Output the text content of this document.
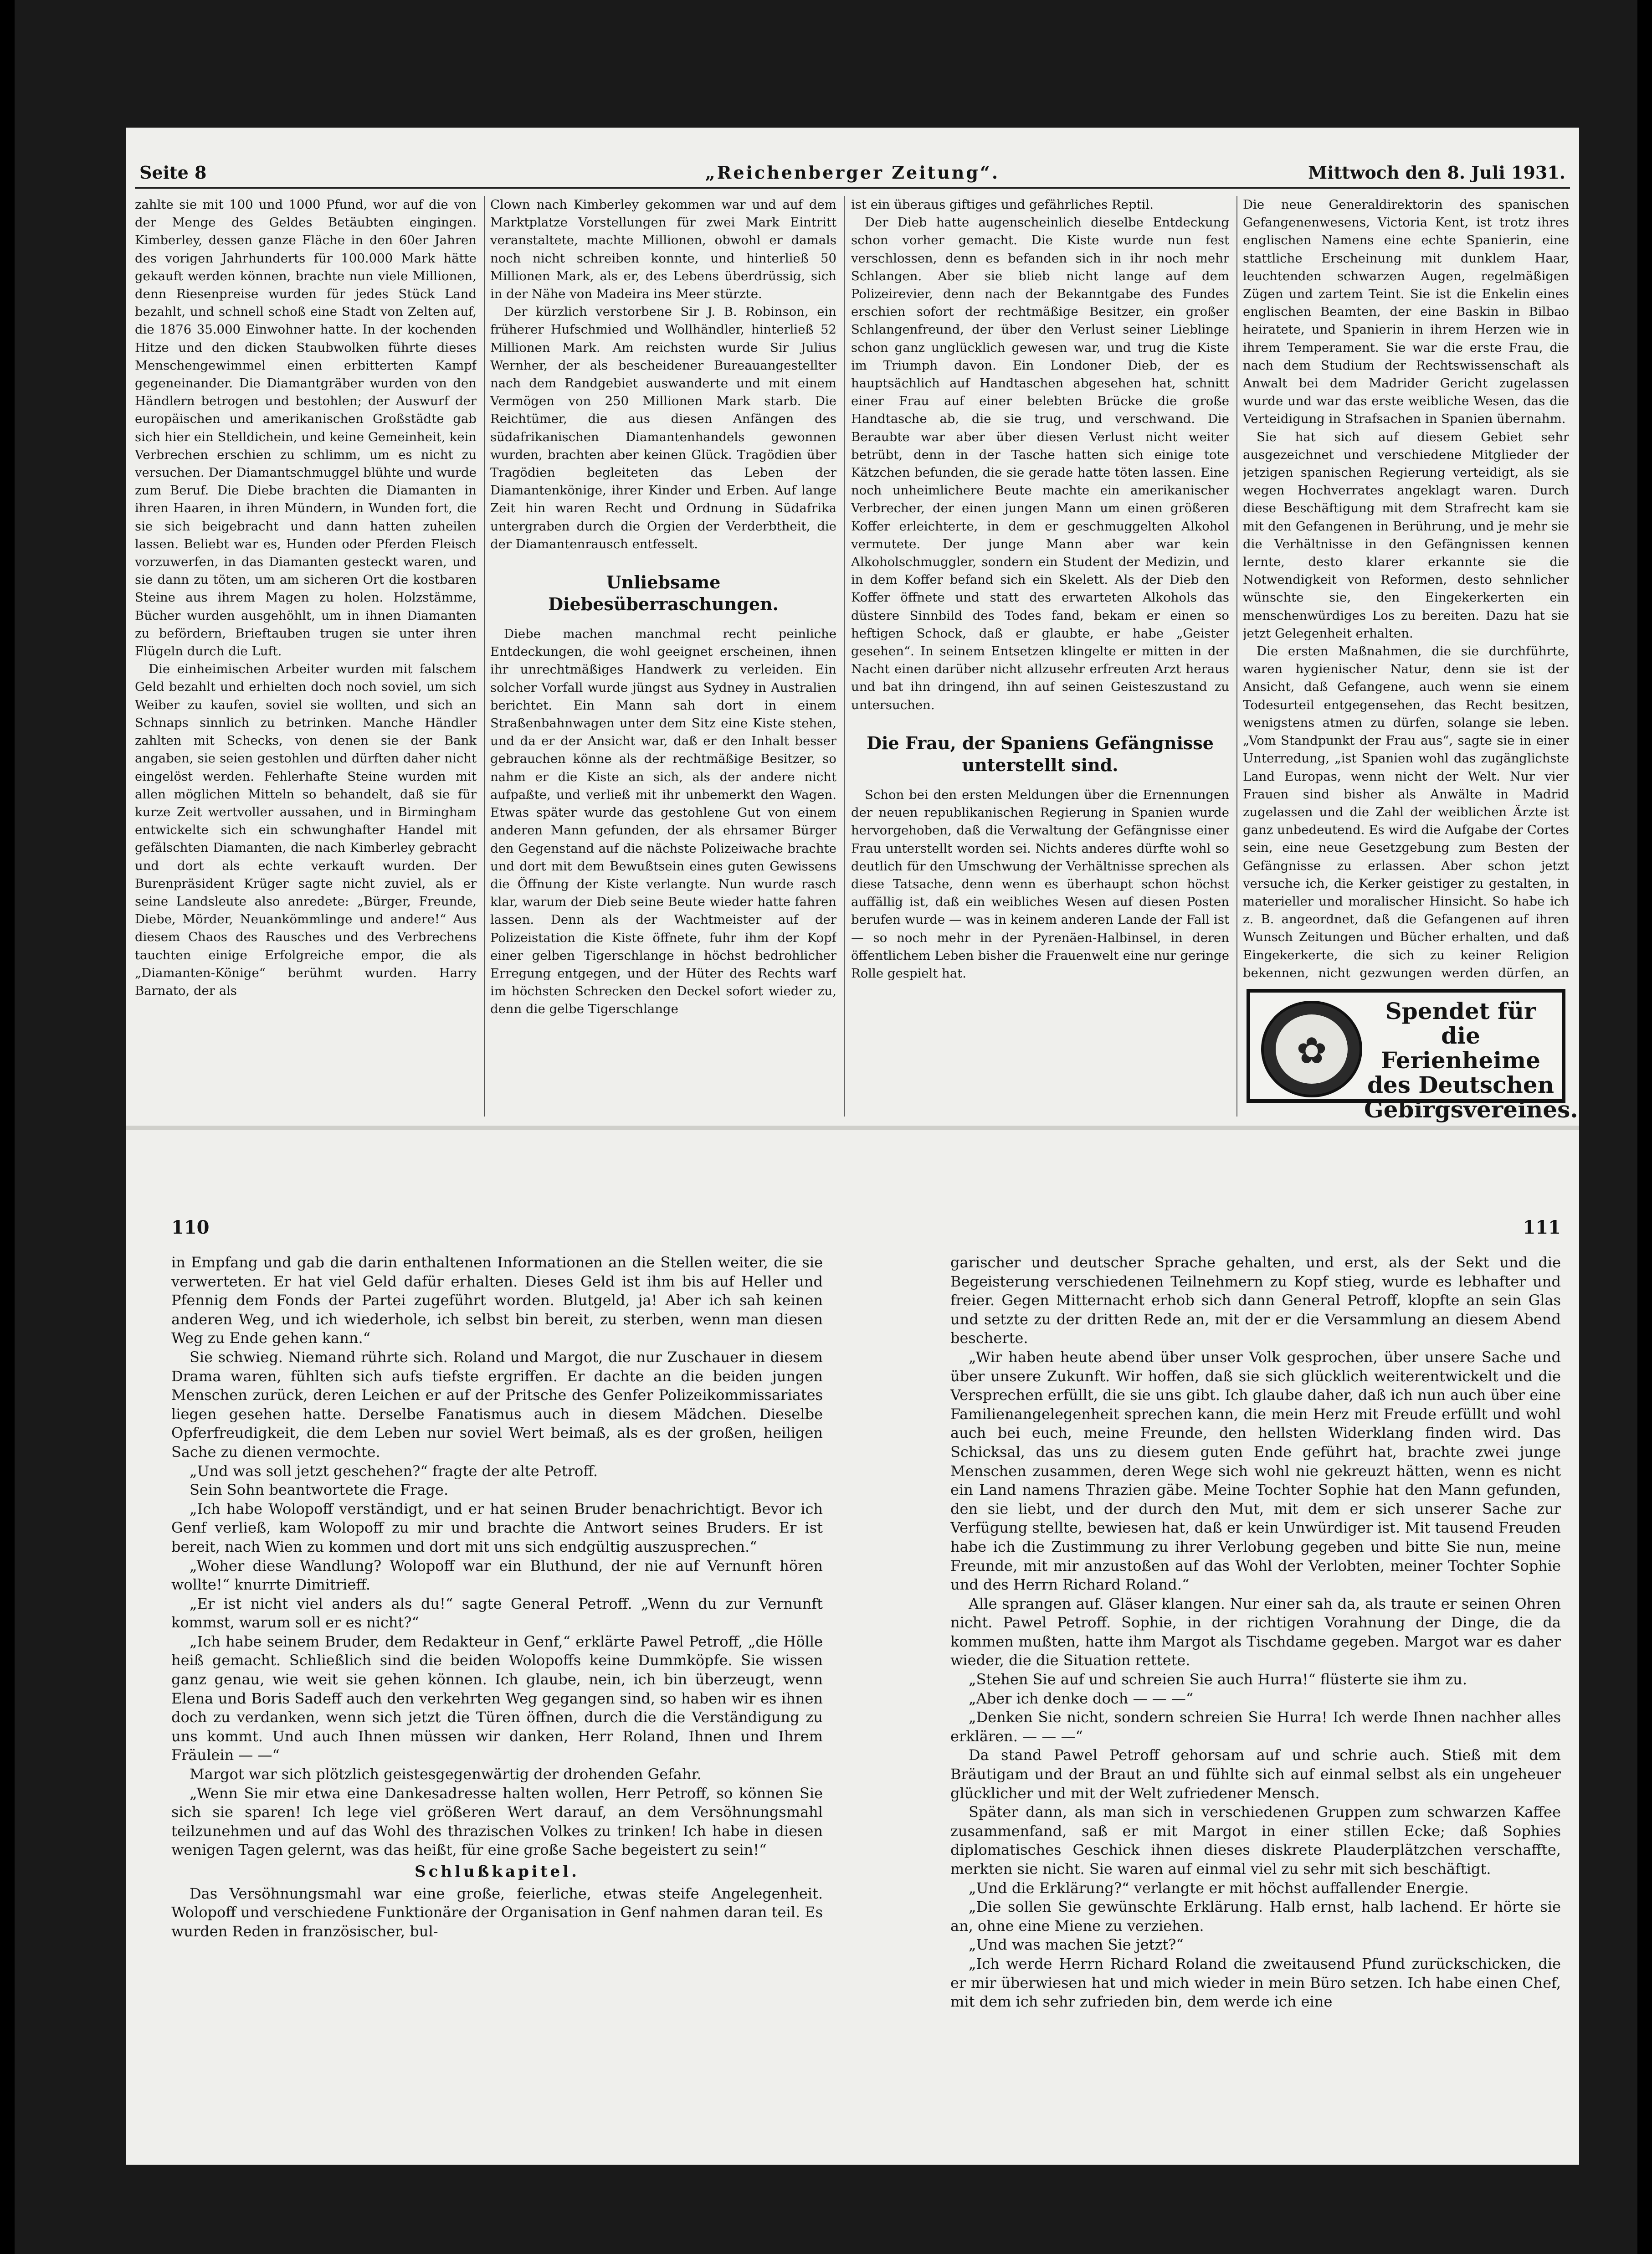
Seite 8	„Reichenberger Zeitung“.	Mittwoch den 8. Juli 1931.

zahlte sie mit 100 und 1000 Pfund, wor auf die von der Menge des Geldes Betäubten eingingen. Kimberley, dessen ganze Fläche in den 60er Jahren des vorigen Jahrhunderts für 100.000 Mark hätte gekauft werden können, brachte nun viele Millionen, denn Riesenpreise wurden für jedes Stück Land bezahlt, und schnell schoß eine Stadt von Zelten auf, die 1876 35.000 Einwohner hatte. In der kochenden Hitze und den dicken Staubwolken führte dieses Menschengewimmel einen erbitterten Kampf gegeneinander. Die Diamantgräber wurden von den Händlern betrogen und bestohlen; der Auswurf der europäischen und amerikanischen Großstädte gab sich hier ein Stelldichein, und keine Gemeinheit, kein Verbrechen erschien zu schlimm, um es nicht zu versuchen. Der Diamantschmuggel blühte und wurde zum Beruf. Die Diebe brachten die Diamanten in ihren Haaren, in ihren Mündern, in Wunden fort, die sie sich beigebracht und dann hatten zuheilen lassen. Beliebt war es, Hunden oder Pferden Fleisch vorzuwerfen, in das Diamanten gesteckt waren, und sie dann zu töten, um am sicheren Ort die kostbaren Steine aus ihrem Magen zu holen. Holzstämme, Bücher wurden ausgehöhlt, um in ihnen Diamanten zu befördern, Brieftauben trugen sie unter ihren Flügeln durch die Luft.

Die einheimischen Arbeiter wurden mit falschem Geld bezahlt und erhielten doch noch soviel, um sich Weiber zu kaufen, soviel sie wollten, und sich an Schnaps sinnlich zu betrinken. Manche Händler zahlten mit Schecks, von denen sie der Bank angaben, sie seien gestohlen und dürften daher nicht eingelöst werden. Fehlerhafte Steine wurden mit allen möglichen Mitteln so behandelt, daß sie für kurze Zeit wertvoller aussahen, und in Birmingham entwickelte sich ein schwunghafter Handel mit gefälschten Diamanten, die nach Kimberley gebracht und dort als echte verkauft wurden. Der Burenpräsident Krüger sagte nicht zuviel, als er seine Landsleute also anredete: „Bürger, Freunde, Diebe, Mörder, Neuankömmlinge und andere!“ Aus diesem Chaos des Rausches und des Verbrechens tauchten einige Erfolgreiche empor, die als „Diamanten-Könige“ berühmt wurden. Harry Barnato, der als

Clown nach Kimberley gekommen war und auf dem Marktplatze Vorstellungen für zwei Mark Eintritt veranstaltete, machte Millionen, obwohl er damals noch nicht schreiben konnte, und hinterließ 50 Millionen Mark, als er, des Lebens überdrüssig, sich in der Nähe von Madeira ins Meer stürzte.

Der kürzlich verstorbene Sir J. B. Robinson, ein früherer Hufschmied und Wollhändler, hinterließ 52 Millionen Mark. Am reichsten wurde Sir Julius Wernher, der als bescheidener Bureauangestellter nach dem Randgebiet auswanderte und mit einem Vermögen von 250 Millionen Mark starb. Die Reichtümer, die aus diesen Anfängen des südafrikanischen Diamantenhandels gewonnen wurden, brachten aber keinen Glück. Tragödien über Tragödien begleiteten das Leben der Diamantenkönige, ihrer Kinder und Erben. Auf lange Zeit hin waren Recht und Ordnung in Südafrika untergraben durch die Orgien der Verderbtheit, die der Diamantenrausch entfesselt.

Unliebsame Diebesüberraschungen.

Diebe machen manchmal recht peinliche Entdeckungen, die wohl geeignet erscheinen, ihnen ihr unrechtmäßiges Handwerk zu verleiden. Ein solcher Vorfall wurde jüngst aus Sydney in Australien berichtet. Ein Mann sah dort in einem Straßenbahnwagen unter dem Sitz eine Kiste stehen, und da er der Ansicht war, daß er den Inhalt besser gebrauchen könne als der rechtmäßige Besitzer, so nahm er die Kiste an sich, als der andere nicht aufpaßte, und verließ mit ihr unbemerkt den Wagen. Etwas später wurde das gestohlene Gut von einem anderen Mann gefunden, der als ehrsamer Bürger den Gegenstand auf die nächste Polizeiwache brachte und dort mit dem Bewußtsein eines guten Gewissens die Öffnung der Kiste verlangte. Nun wurde rasch klar, warum der Dieb seine Beute wieder hatte fahren lassen. Denn als der Wachtmeister auf der Polizeistation die Kiste öffnete, fuhr ihm der Kopf einer gelben Tigerschlange in höchst bedrohlicher Erregung entgegen, und der Hüter des Rechts warf im höchsten Schrecken den Deckel sofort wieder zu, denn die gelbe Tigerschlange

ist ein überaus giftiges und gefährliches Reptil.

Der Dieb hatte augenscheinlich dieselbe Entdeckung schon vorher gemacht. Die Kiste wurde nun fest verschlossen, denn es befanden sich in ihr noch mehr Schlangen. Aber sie blieb nicht lange auf dem Polizeirevier, denn nach der Bekanntgabe des Fundes erschien sofort der rechtmäßige Besitzer, ein großer Schlangenfreund, der über den Verlust seiner Lieblinge schon ganz unglücklich gewesen war, und trug die Kiste im Triumph davon. Ein Londoner Dieb, der es hauptsächlich auf Handtaschen abgesehen hat, schnitt einer Frau auf einer belebten Brücke die große Handtasche ab, die sie trug, und verschwand. Die Beraubte war aber über diesen Verlust nicht weiter betrübt, denn in der Tasche hatten sich einige tote Kätzchen befunden, die sie gerade hatte töten lassen. Eine noch unheimlichere Beute machte ein amerikanischer Verbrecher, der einen jungen Mann um einen größeren Koffer erleichterte, in dem er geschmuggelten Alkohol vermutete. Der junge Mann aber war kein Alkoholschmuggler, sondern ein Student der Medizin, und in dem Koffer befand sich ein Skelett. Als der Dieb den Koffer öffnete und statt des erwarteten Alkohols das düstere Sinnbild des Todes fand, bekam er einen so heftigen Schock, daß er glaubte, er habe „Geister gesehen“. In seinem Entsetzen klingelte er mitten in der Nacht einen darüber nicht allzusehr erfreuten Arzt heraus und bat ihn dringend, ihn auf seinen Geisteszustand zu untersuchen.

Die Frau, der Spaniens Gefängnisse unterstellt sind.

Schon bei den ersten Meldungen über die Ernennungen der neuen republikanischen Regierung in Spanien wurde hervorgehoben, daß die Verwaltung der Gefängnisse einer Frau unterstellt worden sei. Nichts anderes dürfte wohl so deutlich für den Umschwung der Verhältnisse sprechen als diese Tatsache, denn wenn es überhaupt schon höchst auffällig ist, daß ein weibliches Wesen auf diesen Posten berufen wurde — was in keinem anderen Lande der Fall ist — so noch mehr in der Pyrenäen-Halbinsel, in deren öffentlichem Leben bisher die Frauenwelt eine nur geringe Rolle gespielt hat.

Die neue Generaldirektorin des spanischen Gefangenenwesens, Victoria Kent, ist trotz ihres englischen Namens eine echte Spanierin, eine stattliche Erscheinung mit dunklem Haar, leuchtenden schwarzen Augen, regelmäßigen Zügen und zartem Teint. Sie ist die Enkelin eines englischen Beamten, der eine Baskin in Bilbao heiratete, und Spanierin in ihrem Herzen wie in ihrem Temperament. Sie war die erste Frau, die nach dem Studium der Rechtswissenschaft als Anwalt bei dem Madrider Gericht zugelassen wurde und war das erste weibliche Wesen, das die Verteidigung in Strafsachen in Spanien übernahm.

Sie hat sich auf diesem Gebiet sehr ausgezeichnet und verschiedene Mitglieder der jetzigen spanischen Regierung verteidigt, als sie wegen Hochverrates angeklagt waren. Durch diese Beschäftigung mit dem Strafrecht kam sie mit den Gefangenen in Berührung, und je mehr sie die Verhältnisse in den Gefängnissen kennen lernte, desto klarer erkannte sie die Notwendigkeit von Reformen, desto sehnlicher wünschte sie, den Eingekerkerten ein menschenwürdiges Los zu bereiten. Dazu hat sie jetzt Gelegenheit erhalten.

Die ersten Maßnahmen, die sie durchführte, waren hygienischer Natur, denn sie ist der Ansicht, daß Gefangene, auch wenn sie einem Todesurteil entgegensehen, das Recht besitzen, wenigstens atmen zu dürfen, solange sie leben. „Vom Standpunkt der Frau aus“, sagte sie in einer Unterredung, „ist Spanien wohl das zugänglichste Land Europas, wenn nicht der Welt. Nur vier Frauen sind bisher als Anwälte in Madrid zugelassen und die Zahl der weiblichen Ärzte ist ganz unbedeutend. Es wird die Aufgabe der Cortes sein, eine neue Gesetzgebung zum Besten der Gefängnisse zu erlassen. Aber schon jetzt versuche ich, die Kerker geistiger zu gestalten, in materieller und moralischer Hinsicht. So habe ich z. B. angeordnet, daß die Gefangenen auf ihren Wunsch Zeitungen und Bücher erhalten, und daß Eingekerkerte, die sich zu keiner Religion bekennen, nicht gezwungen werden dürfen, an

✿
Spendet für die
Ferienheime
des Deutschen
Gebirgsvereines.
110	111

in Empfang und gab die darin enthaltenen Informationen an die Stellen weiter, die sie verwerteten. Er hat viel Geld dafür erhalten. Dieses Geld ist ihm bis auf Heller und Pfennig dem Fonds der Partei zugeführt worden. Blutgeld, ja! Aber ich sah keinen anderen Weg, und ich wiederhole, ich selbst bin bereit, zu sterben, wenn man diesen Weg zu Ende gehen kann.“

Sie schwieg. Niemand rührte sich. Roland und Margot, die nur Zuschauer in diesem Drama waren, fühlten sich aufs tiefste ergriffen. Er dachte an die beiden jungen Menschen zurück, deren Leichen er auf der Pritsche des Genfer Polizeikommissariates liegen gesehen hatte. Derselbe Fanatismus auch in diesem Mädchen. Dieselbe Opferfreudigkeit, die dem Leben nur soviel Wert beimaß, als es der großen, heiligen Sache zu dienen vermochte.

„Und was soll jetzt geschehen?“ fragte der alte Petroff.

Sein Sohn beantwortete die Frage.

„Ich habe Wolopoff verständigt, und er hat seinen Bruder benachrichtigt. Bevor ich Genf verließ, kam Wolopoff zu mir und brachte die Antwort seines Bruders. Er ist bereit, nach Wien zu kommen und dort mit uns sich endgültig auszusprechen.“

„Woher diese Wandlung? Wolopoff war ein Bluthund, der nie auf Vernunft hören wollte!“ knurrte Dimitrieff.

„Er ist nicht viel anders als du!“ sagte General Petroff. „Wenn du zur Vernunft kommst, warum soll er es nicht?“

„Ich habe seinem Bruder, dem Redakteur in Genf,“ erklärte Pawel Petroff, „die Hölle heiß gemacht. Schließlich sind die beiden Wolopoffs keine Dummköpfe. Sie wissen ganz genau, wie weit sie gehen können. Ich glaube, nein, ich bin überzeugt, wenn Elena und Boris Sadeff auch den verkehrten Weg gegangen sind, so haben wir es ihnen doch zu verdanken, wenn sich jetzt die Türen öffnen, durch die die Verständigung zu uns kommt. Und auch Ihnen müssen wir danken, Herr Roland, Ihnen und Ihrem Fräulein — —“

Margot war sich plötzlich geistesgegenwärtig der drohenden Gefahr.

„Wenn Sie mir etwa eine Dankesadresse halten wollen, Herr Petroff, so können Sie sich sie sparen! Ich lege viel größeren Wert darauf, an dem Versöhnungsmahl teilzunehmen und auf das Wohl des thrazischen Volkes zu trinken! Ich habe in diesen wenigen Tagen gelernt, was das heißt, für eine große Sache begeistert zu sein!“

Schlußkapitel.

Das Versöhnungsmahl war eine große, feierliche, etwas steife Angelegenheit. Wolopoff und verschiedene Funktionäre der Organisation in Genf nahmen daran teil. Es wurden Reden in französischer, bul-

garischer und deutscher Sprache gehalten, und erst, als der Sekt und die Begeisterung verschiedenen Teilnehmern zu Kopf stieg, wurde es lebhafter und freier. Gegen Mitternacht erhob sich dann General Petroff, klopfte an sein Glas und setzte zu der dritten Rede an, mit der er die Versammlung an diesem Abend bescherte.

„Wir haben heute abend über unser Volk gesprochen, über unsere Sache und über unsere Zukunft. Wir hoffen, daß sie sich glücklich weiterentwickelt und die Versprechen erfüllt, die sie uns gibt. Ich glaube daher, daß ich nun auch über eine Familienangelegenheit sprechen kann, die mein Herz mit Freude erfüllt und wohl auch bei euch, meine Freunde, den hellsten Widerklang finden wird. Das Schicksal, das uns zu diesem guten Ende geführt hat, brachte zwei junge Menschen zusammen, deren Wege sich wohl nie gekreuzt hätten, wenn es nicht ein Land namens Thrazien gäbe. Meine Tochter Sophie hat den Mann gefunden, den sie liebt, und der durch den Mut, mit dem er sich unserer Sache zur Verfügung stellte, bewiesen hat, daß er kein Unwürdiger ist. Mit tausend Freuden habe ich die Zustimmung zu ihrer Verlobung gegeben und bitte Sie nun, meine Freunde, mit mir anzustoßen auf das Wohl der Verlobten, meiner Tochter Sophie und des Herrn Richard Roland.“

Alle sprangen auf. Gläser klangen. Nur einer sah da, als traute er seinen Ohren nicht. Pawel Petroff. Sophie, in der richtigen Vorahnung der Dinge, die da kommen mußten, hatte ihm Margot als Tischdame gegeben. Margot war es daher wieder, die die Situation rettete.

„Stehen Sie auf und schreien Sie auch Hurra!“ flüsterte sie ihm zu.

„Aber ich denke doch — — —“

„Denken Sie nicht, sondern schreien Sie Hurra! Ich werde Ihnen nachher alles erklären. — — —“

Da stand Pawel Petroff gehorsam auf und schrie auch. Stieß mit dem Bräutigam und der Braut an und fühlte sich auf einmal selbst als ein ungeheuer glücklicher und mit der Welt zufriedener Mensch.

Später dann, als man sich in verschiedenen Gruppen zum schwarzen Kaffee zusammenfand, saß er mit Margot in einer stillen Ecke; daß Sophies diplomatisches Geschick ihnen dieses diskrete Plauderplätzchen verschaffte, merkten sie nicht. Sie waren auf einmal viel zu sehr mit sich beschäftigt.

„Und die Erklärung?“ verlangte er mit höchst auffallender Energie.

„Die sollen Sie gewünschte Erklärung. Halb ernst, halb lachend. Er hörte sie an, ohne eine Miene zu verziehen.

„Und was machen Sie jetzt?“

„Ich werde Herrn Richard Roland die zweitausend Pfund zurückschicken, die er mir überwiesen hat und mich wieder in mein Büro setzen. Ich habe einen Chef, mit dem ich sehr zufrieden bin, dem werde ich eine
